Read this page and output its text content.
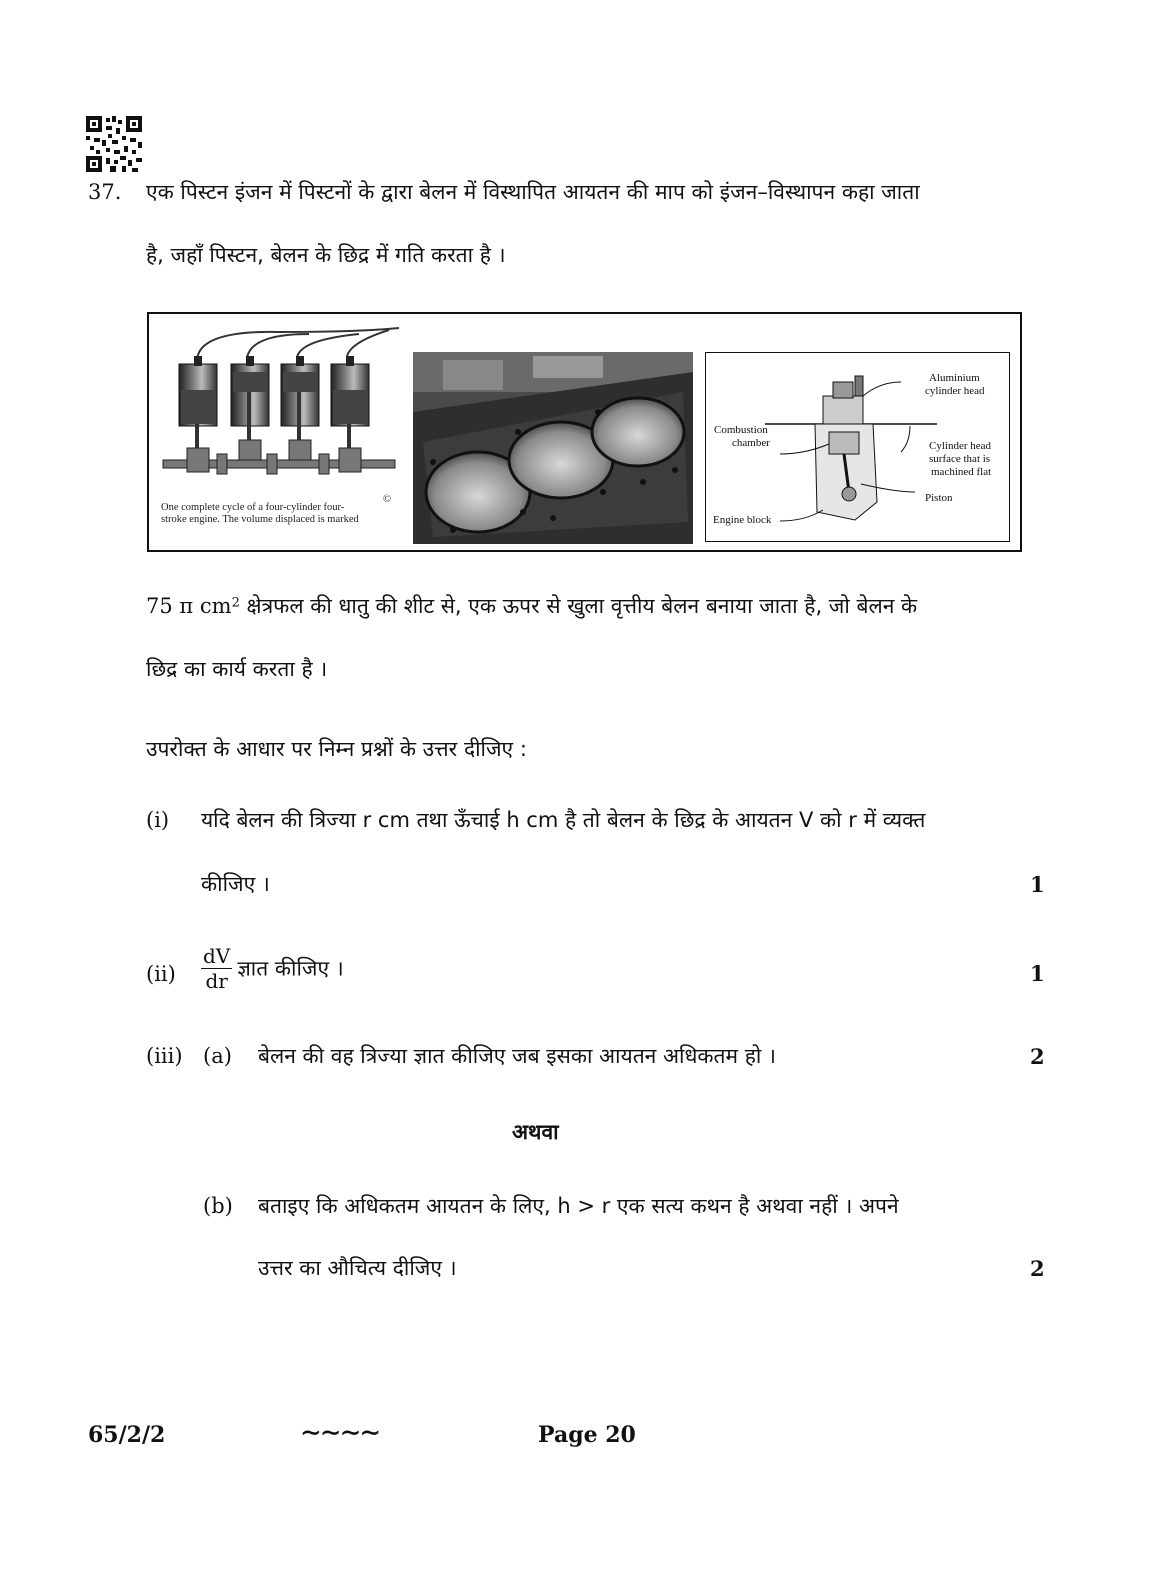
37. एक पिस्टन इंजन में पिस्टनों के द्वारा बेलन में विस्थापित आयतन की माप को इंजन–विस्थापन कहा जाता
है, जहाँ पिस्टन, बेलन के छिद्र में गति करता है ।
One complete cycle of a four-cylinder four-
stroke engine. The volume displaced is marked
©
Aluminium
cylinder head
Combustion
chamber	Cylinder head
surface that is
machined flat
Piston
Engine block
75 π $cm^2$ क्षेत्रफल की धातु की शीट से, एक ऊपर से खुला वृत्तीय बेलन बनाया जाता है, जो बेलन के
छिद्र का कार्य करता है ।
उपरोक्त के आधार पर निम्न प्रश्नों के उत्तर दीजिए :
(i) यदि बेलन की त्रिज्या r cm तथा ऊँचाई h cm है तो बेलन के छिद्र के आयतन V को r में व्यक्त
कीजिए ।	1
$(ii) \frac{dV}{dr}$ ज्ञात कीजिए ।	1
(iii) (a) बेलन की वह त्रिज्या ज्ञात कीजिए जब इसका आयतन अधिकतम हो ।	2
अथवा
(b) बताइए कि अधिकतम आयतन के लिए, h > r एक सत्य कथन है अथवा नहीं । अपने
उत्तर का औचित्य दीजिए ।	2
65/2/2	∼∼∼∼	Page 20
